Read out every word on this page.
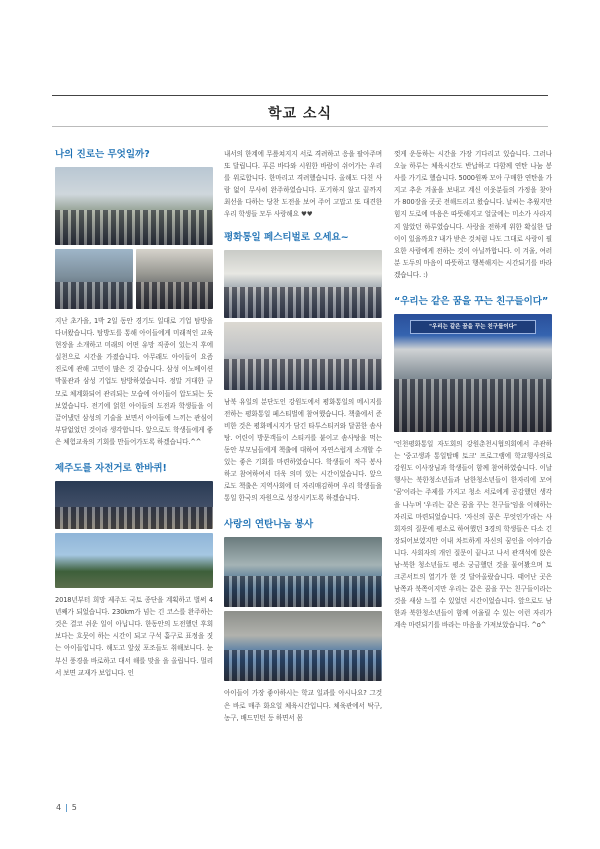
학교 소식
나의 진로는 무엇일까?

지난 초가을, 1박 2일 동안 경기도 일대로 기업 탐방을 다녀왔습니다. 탐방도를 통해 아이들에게 미래적인 교육현장을 소개하고 미래의 어떤 유망 직종이 있는지 후에 실천으로 시간을 가졌습니다. 아무래도 아이들이 요즘 진로에 관해 고민이 많은 것 같습니다. 삼성 이노베이션 박물관과 삼성 기업도 탐방하였습니다. 정말 거대한 규모로 체계화되어 관리되는 모습에 아이들이 압도되는 듯 보였습니다. 전기에 얽힌 아이들의 도전과 학생들을 이끌어냈던 삼성의 기술을 보면서 아이들에 느끼는 관심이 부담없었던 것이라 생각합니다. 앞으로도 학생들에게 좋은 체험교육의 기회를 만들어가도록 하겠습니다.^^

제주도를 자전거로 한바퀴!

2018년부터 희망 제주도 국토 종단을 계획하고 벌써 4년째가 되었습니다. 230km가 넘는 긴 코스를 완주하는 것은 결코 쉬운 일이 아닙니다. 한동안의 도전했던 후회보다는 흐뭇이 하는 시간이 되고 구석 흩구로 표정을 짓는 아이들입니다. 해도고 앞섰 포조들도 취해보니다. 눈부신 풍경을 바로하고 대서 해를 맞을 을 올립니다. 멀리서 보면 교재가 보입니다. 인

내서의 한계에 무릎쳐지지 서로 격려하고 응을 팔아주며 또 달립니다. 푸른 바다와 시원한 바람이 쉬어가는 우리를 위로합니다. 한마리고 격려했습니다. 올해도 다친 사람 없이 무사히 완주하였습니다. 포기하지 않고 끝까지 최선을 다하는 당찬 도전을 보여 주어 고맙고 또 대견한 우리 학생들 모두 사랑해요 ♥♥

평화통일 페스티벌로 오세요~

남북 유일의 분단도인 강원도에서 평화통일의 메시지를 전하는 평화통일 페스티벌에 참여했습니다. 책출에서 준비한 것은 평화메시지가 담긴 타투스티커와 달콤한 솜사탕. 어린이 방문객들이 스티커를 붙이고 솜사탕을 먹는 동안 부모님들에게 책출에 대하여 자연스럽게 소개할 수 있는 좋은 기회를 마련하였습니다. 학생들이 적극 봉사하고 참여하여서 더욱 의미 있는 시간이었습니다. 앞으로도 책출은 지역사회에 더 자리매김하며 우리 학생들을 통일 한국의 자원으로 성장시키도록 하겠습니다.

사랑의 연탄나눔 봉사

아이들이 가장 좋아하시는 학교 일과를 아시나요? 그것은 바로 매주 화요일 체육시간입니다. 체육관에서 탁구, 농구, 배드민턴 등 하면서 몸

껏게 운동하는 시간을 가장 기다리고 있습니다. 그러나 오늘 하루는 체육시간도 반납하고 다함께 연탄 나눔 봉사를 가기로 했습니다. 5000원짜 모아 구매한 연탄을 가지고 추운 겨울을 보내고 계신 이웃분들의 가정을 찾아가 800장을 곳곳 전해드리고 왔습니다. 날씨는 추웠지만 힘지 도로에 마음은 따뜻해지고 얼굴에는 미소가 사라지지 않았던 하루였습니다. 사랑을 전하게 위한 확실한 답이이 있을까요? 내가 받은 것처럼 나도 그대로 사랑이 필요한 사람에게 전하는 것이 아닐까합니다. 이 겨울, 여러분 도두의 마음이 따뜻하고 행복해지는 시간되기를 바라겠습니다. :)

“우리는 같은 꿈을 꾸는 친구들이다”
"우리는 같은 꿈을 꾸는 친구들이다"

'인천평화통일 자도회의 강원춘천시협의회에서 주관하는 '중고생과 통일탑배 토크' 프로그램에 학교행사의로 강원도 이사장님과 학생들이 함께 참여하였습니다. 이날 행사는 북한청소년들과 남한청소년들이 한자리에 모여 '꿈'이라는 주제를 가지고 청소 서로에게 공감했던 생각을 나누며 '우리는 같은 꿈을 꾸는 친구들'임을 이해하는 자리로 마련되었습니다. '자신의 꿈은 무엇인가'라는 사회자의 질문에 평소로 하여했던 3경의 학생들은 다소 긴장되어보였지만 이내 차트하게 자신의 꿈인을 이야기습니다. 사회자의 개인 질문이 끝나고 나서 관객석에 앉은 남-북한 청소년들도 평소 궁금했던 것을 물어봤으며 토크콘서트의 열기가 한 것 달아올랐습니다. 태어난 곳은 남쪽과 북쪽이지만 우리는 같은 꿈을 꾸는 친구들이라는 것을 새삼 느낄 수 있었던 시간이었습니다. 앞으로도 남한과 북한청소년들이 함께 어울릴 수 있는 이런 자리가 계속 마련되기를 바라는 마음을 가져보았습니다. ^o^

4 | 5
